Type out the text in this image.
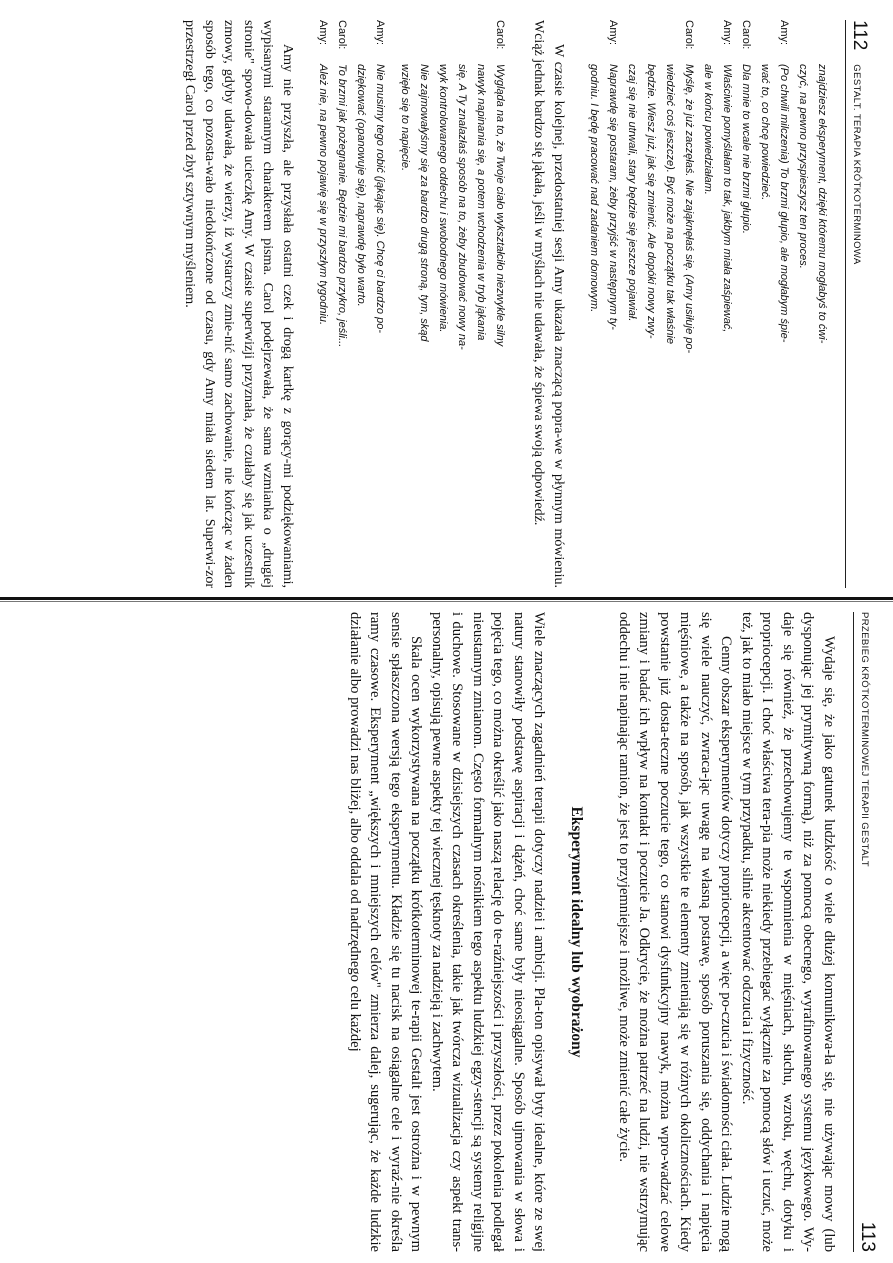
112
GESTALT. TERAPIA KRÓTKOTERMINOWA
znajdziesz eksperyment, dzięki któremu mogłabyś to ćwi-
czyć, na pewno przyspieszysz ten proces.
Amy:
(Po chwili milczenia) To brzmi głupio, ale mogłabym śpie-
wać to, co chcę powiedzieć.
Carol:
Dla mnie to wcale nie brzmi głupio.
Amy:
Właściwie pomyślałam to tak, jakbym miała zaśpiewać,
ale w końcu powiedziałam.
Carol:
Myślę, że już zaczęłaś. Nie zająknęłaś się. (Amy usiłuje po-
wiedzieć coś jeszcze). Być może na początku tak właśnie
będzie. Wiesz już, jak się zmienić. Ale dopóki nowy zwy-
czaj się nie utrwali, stary będzie się jeszcze pojawiał.
Amy:
Naprawdę się postaram, żeby przyjść w następnym ty-
godniu. I będę pracować nad zadaniem domowym.

W czasie kolejnej, przedostatniej sesji Amy ukazała znaczącą popra-we w płynnym mówieniu. Wciąż jednak bardzo się jąkała, jeśli w myślach nie udawała, że śpiewa swoją odpowiedź.

Carol:
Wygląda na to, że Twoje ciało wykształciło niezwykle silny
nawyk napinania się, a potem wchodzenia w tryb jąkania
się. A Ty znalazłaś sposób na to, żeby zbudować nowy na-
wyk kontrolowanego oddechu i swobodnego mówienia.
Nie zajmowałyśmy się za bardzo drugą stroną, tym, skąd
wzięło się to napięcie.
Amy:
Nie musimy tego robić (jąkając się). Chcę ci bardzo po-
dziękować (opanowuje się), naprawdę było warto.
Carol:
To brzmi jak pożegnanie. Będzie mi bardzo przykro, jeśli...
Amy:
Ależ nie, na pewno pojawię się w przyszłym tygodniu.

Amy nie przyszła, ale przysłała ostatni czek i drogą kartkę z gorący-mi podziękowaniami, wypisanymi starannym charakterem pisma. Carol podejrzewała, że sama wzmianka o „drugiej stronie" spowo-dowała ucieczkę Amy. W czasie superwizji przyznała, że czułaby się jak uczestnik zmowy, gdyby udawała, że wierzy, iż wystarczy zmie-nić samo zachowanie, nie kończąc w żaden sposób tego, co pozosta-wało niedokończone od czasu, gdy Amy miała siedem lat. Superwi-zor przestrzegł Carol przed zbyt sztywnym myśleniem.

PRZEBIEG KRÓTKOTERMINOWEJ TERAPII GESTALT
113

Wydaje się, że jako gatunek ludzkość o wiele dłużej komunikowa-ła się, nie używając mowy (lub dysponując jej prymitywną formą), niż za pomocą obecnego, wyrafinowanego systemu językowego. Wy-daje się również, że przechowujemy te wspomnienia w mięśniach, słuchu, wzroku, węchu, dotyku i propriocepcji. I choć właściwa tera-pia może niekiedy przebiegać wyłącznie za pomocą słów i uczuć, może też, jak to miało miejsce w tym przypadku, silnie akcentować odczucia i fizyczność.

Cenny obszar eksperymentów dotyczy propriocepcji, a więc po-czucia i świadomości ciała. Ludzie mogą się wiele nauczyć, zwraca-jąc uwagę na własną postawę, sposób poruszania się, oddychania i napięcia mięśniowe, a także na sposób, jak wszystkie te elementy zmieniają się w różnych okolicznościach. Kiedy powstanie już dosta-teczne poczucie tego, co stanowi dysfunkcyjny nawyk, można wpro-wadzać celowe zmiany i badać ich wpływ na kontakt i poczucie Ja. Odkrycie, że można patrzeć na ludzi, nie wstrzymując oddechu i nie napinając ramion, że jest to przyjemniejsze i możliwe, może zmienić całe życie.

Eksperyment idealny lub wyobrażony

Wiele znaczących zagadnień terapii dotyczy nadziei i ambicji. Pla-ton opisywał byty idealne, które ze swej natury stanowiły podstawę aspiracji i dążeń, choć same były nieosiągalne. Sposób ujmowania w słowa i pojęcia tego, co można określić jako naszą relację do te-raźniejszości i przyszłości, przez pokolenia podlegał nieustannym zmianom. Często formalnym nośnikiem tego aspektu ludzkiej egzy-stencji są systemy religijne i duchowe. Stosowane w dzisiejszych czasach określenia, takie jak twórcza wizualizacja czy aspekt trans-personalny, opisują pewne aspekty tej wiecznej tęsknoty za nadzieją i zachwytem.

Skala ocen wykorzystywana na początku krótkoterminowej te-rapii Gestalt jest ostrożna i w pewnym sensie spłaszczona wersją tego eksperymentu. Kładzie się tu nacisk na osiągalne cele i wyraź-nie określa ramy czasowe. Eksperyment „większych i mniejszych celów" zmierza dalej, sugerując, że każde ludzkie działanie albo prowadzi nas bliżej, albo oddala od nadrzędnego celu każdej
